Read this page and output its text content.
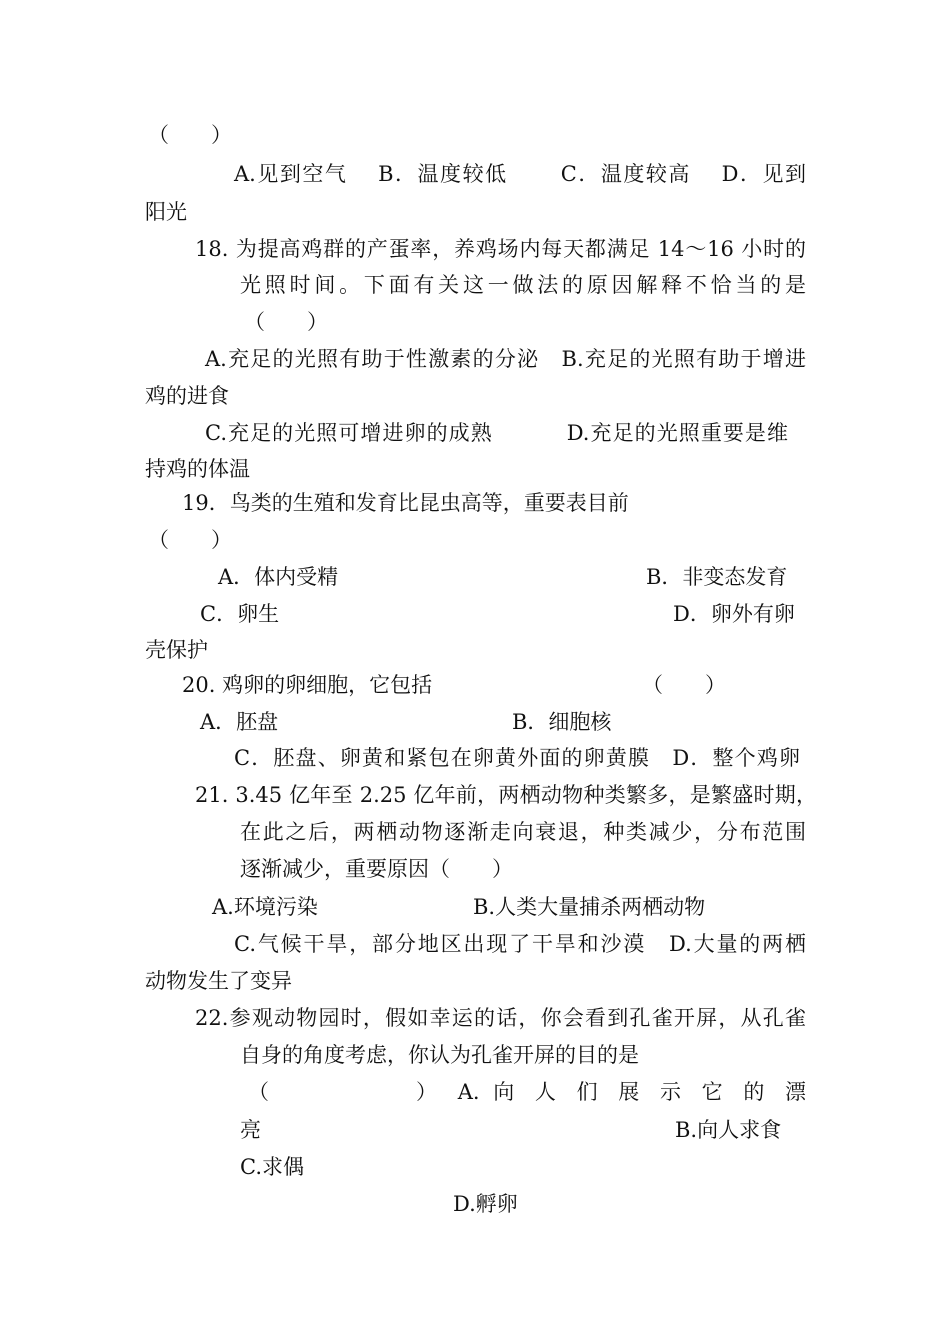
（　　）
A.见到空气　 B．温度较低　　 C．温度较高　 D．见到
阳光
18. 为提高鸡群的产蛋率，养鸡场内每天都满足 14～16 小时的
光照时间。下面有关这一做法的原因解释不恰当的是
（　　）
A.充足的光照有助于性激素的分泌　B.充足的光照有助于增进
鸡的进食
C.充足的光照可增进卵的成熟　　　 D.充足的光照重要是维
持鸡的体温
19．鸟类的生殖和发育比昆虫高等，重要表目前
（　　）
A．体内受精	B．非变态发育
C．卵生	D．卵外有卵
壳保护
20. 鸡卵的卵细胞，它包括	（　　）
A．胚盘	B．细胞核
C．胚盘、卵黄和紧包在卵黄外面的卵黄膜　D．整个鸡卵
21. 3.45 亿年至 2.25 亿年前，两栖动物种类繁多，是繁盛时期，
在此之后，两栖动物逐渐走向衰退，种类减少，分布范围
逐渐减少，重要原因（　　）
A.环境污染	B.人类大量捕杀两栖动物
C.气候干旱，部分地区出现了干旱和沙漠　D.大量的两栖
动物发生了变异
22.参观动物园时，假如幸运的话，你会看到孔雀开屏，从孔雀
自身的角度考虑，你认为孔雀开屏的目的是
（　　　　　） A. 向 人 们 展 示 它 的 漂
亮	B.向人求食
C.求偶
D.孵卵
